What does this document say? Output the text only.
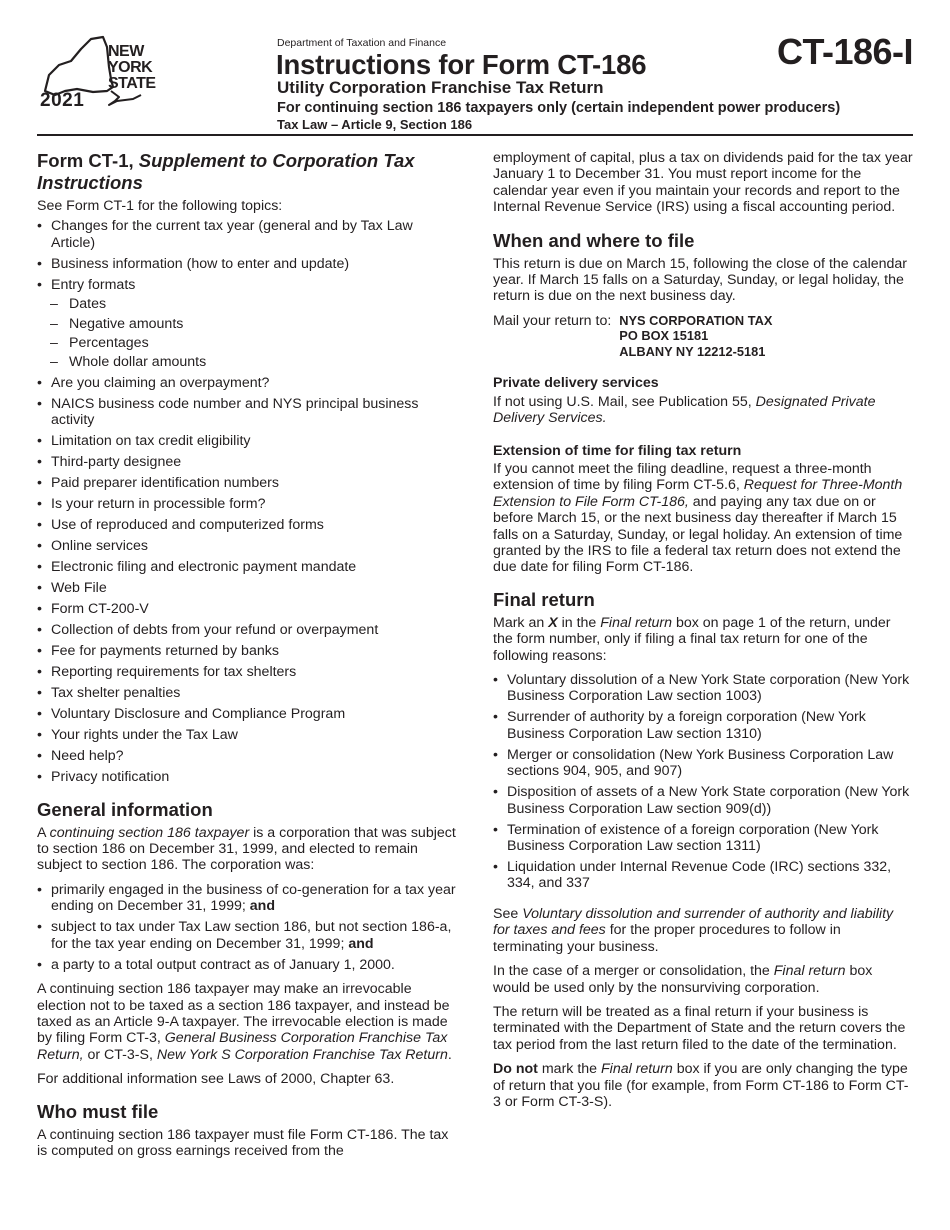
NEW
YORK
STATE
2021
Department of Taxation and Finance
Instructions for Form CT-186
Utility Corporation Franchise Tax Return
For continuing section 186 taxpayers only (certain independent power producers)
Tax Law – Article 9, Section 186
CT-186-I
Form CT-1, Supplement to Corporation Tax Instructions

See Form CT-1 for the following topics:

• Changes for the current tax year (general and by Tax Law Article)
• Business information (how to enter and update)
• Entry formats
– Dates
– Negative amounts
– Percentages
– Whole dollar amounts
• Are you claiming an overpayment?
• NAICS business code number and NYS principal business activity
• Limitation on tax credit eligibility
• Third-party designee
• Paid preparer identification numbers
• Is your return in processible form?
• Use of reproduced and computerized forms
• Online services
• Electronic filing and electronic payment mandate
• Web File
• Form CT-200-V
• Collection of debts from your refund or overpayment
• Fee for payments returned by banks
• Reporting requirements for tax shelters
• Tax shelter penalties
• Voluntary Disclosure and Compliance Program
• Your rights under the Tax Law
• Need help?
• Privacy notification
General information

A continuing section 186 taxpayer is a corporation that was subject to section 186 on December 31, 1999, and elected to remain subject to section 186. The corporation was:

• primarily engaged in the business of co-generation for a tax year ending on December 31, 1999; and
• subject to tax under Tax Law section 186, but not section 186-a, for the tax year ending on December 31, 1999; and
• a party to a total output contract as of January 1, 2000.

A continuing section 186 taxpayer may make an irrevocable election not to be taxed as a section 186 taxpayer, and instead be taxed as an Article 9-A taxpayer. The irrevocable election is made by filing Form CT-3, General Business Corporation Franchise Tax Return, or CT-3-S, New York S Corporation Franchise Tax Return.

For additional information see Laws of 2000, Chapter 63.

Who must file

A continuing section 186 taxpayer must file Form CT-186. The tax is computed on gross earnings received from the

employment of capital, plus a tax on dividends paid for the tax year January 1 to December 31. You must report income for the calendar year even if you maintain your records and report to the Internal Revenue Service (IRS) using a fiscal accounting period.

When and where to file

This return is due on March 15, following the close of the calendar year. If March 15 falls on a Saturday, Sunday, or legal holiday, the return is due on the next business day.

Mail your return to: NYS CORPORATION TAX
PO BOX 15181
ALBANY NY 12212-5181
Private delivery services

If not using U.S. Mail, see Publication 55, Designated Private Delivery Services.

Extension of time for filing tax return

If you cannot meet the filing deadline, request a three-month extension of time by filing Form CT-5.6, Request for Three-Month Extension to File Form CT-186, and paying any tax due on or before March 15, or the next business day thereafter if March 15 falls on a Saturday, Sunday, or legal holiday. An extension of time granted by the IRS to file a federal tax return does not extend the due date for filing Form CT-186.

Final return

Mark an X in the Final return box on page 1 of the return, under the form number, only if filing a final tax return for one of the following reasons:

• Voluntary dissolution of a New York State corporation (New York Business Corporation Law section 1003)
• Surrender of authority by a foreign corporation (New York Business Corporation Law section 1310)
• Merger or consolidation (New York Business Corporation Law sections 904, 905, and 907)
• Disposition of assets of a New York State corporation (New York Business Corporation Law section 909(d))
• Termination of existence of a foreign corporation (New York Business Corporation Law section 1311)
• Liquidation under Internal Revenue Code (IRC) sections 332, 334, and 337

See Voluntary dissolution and surrender of authority and liability for taxes and fees for the proper procedures to follow in terminating your business.

In the case of a merger or consolidation, the Final return box would be used only by the nonsurviving corporation.

The return will be treated as a final return if your business is terminated with the Department of State and the return covers the tax period from the last return filed to the date of the termination.

Do not mark the Final return box if you are only changing the type of return that you file (for example, from Form CT-186 to Form CT-3 or Form CT-3-S).
